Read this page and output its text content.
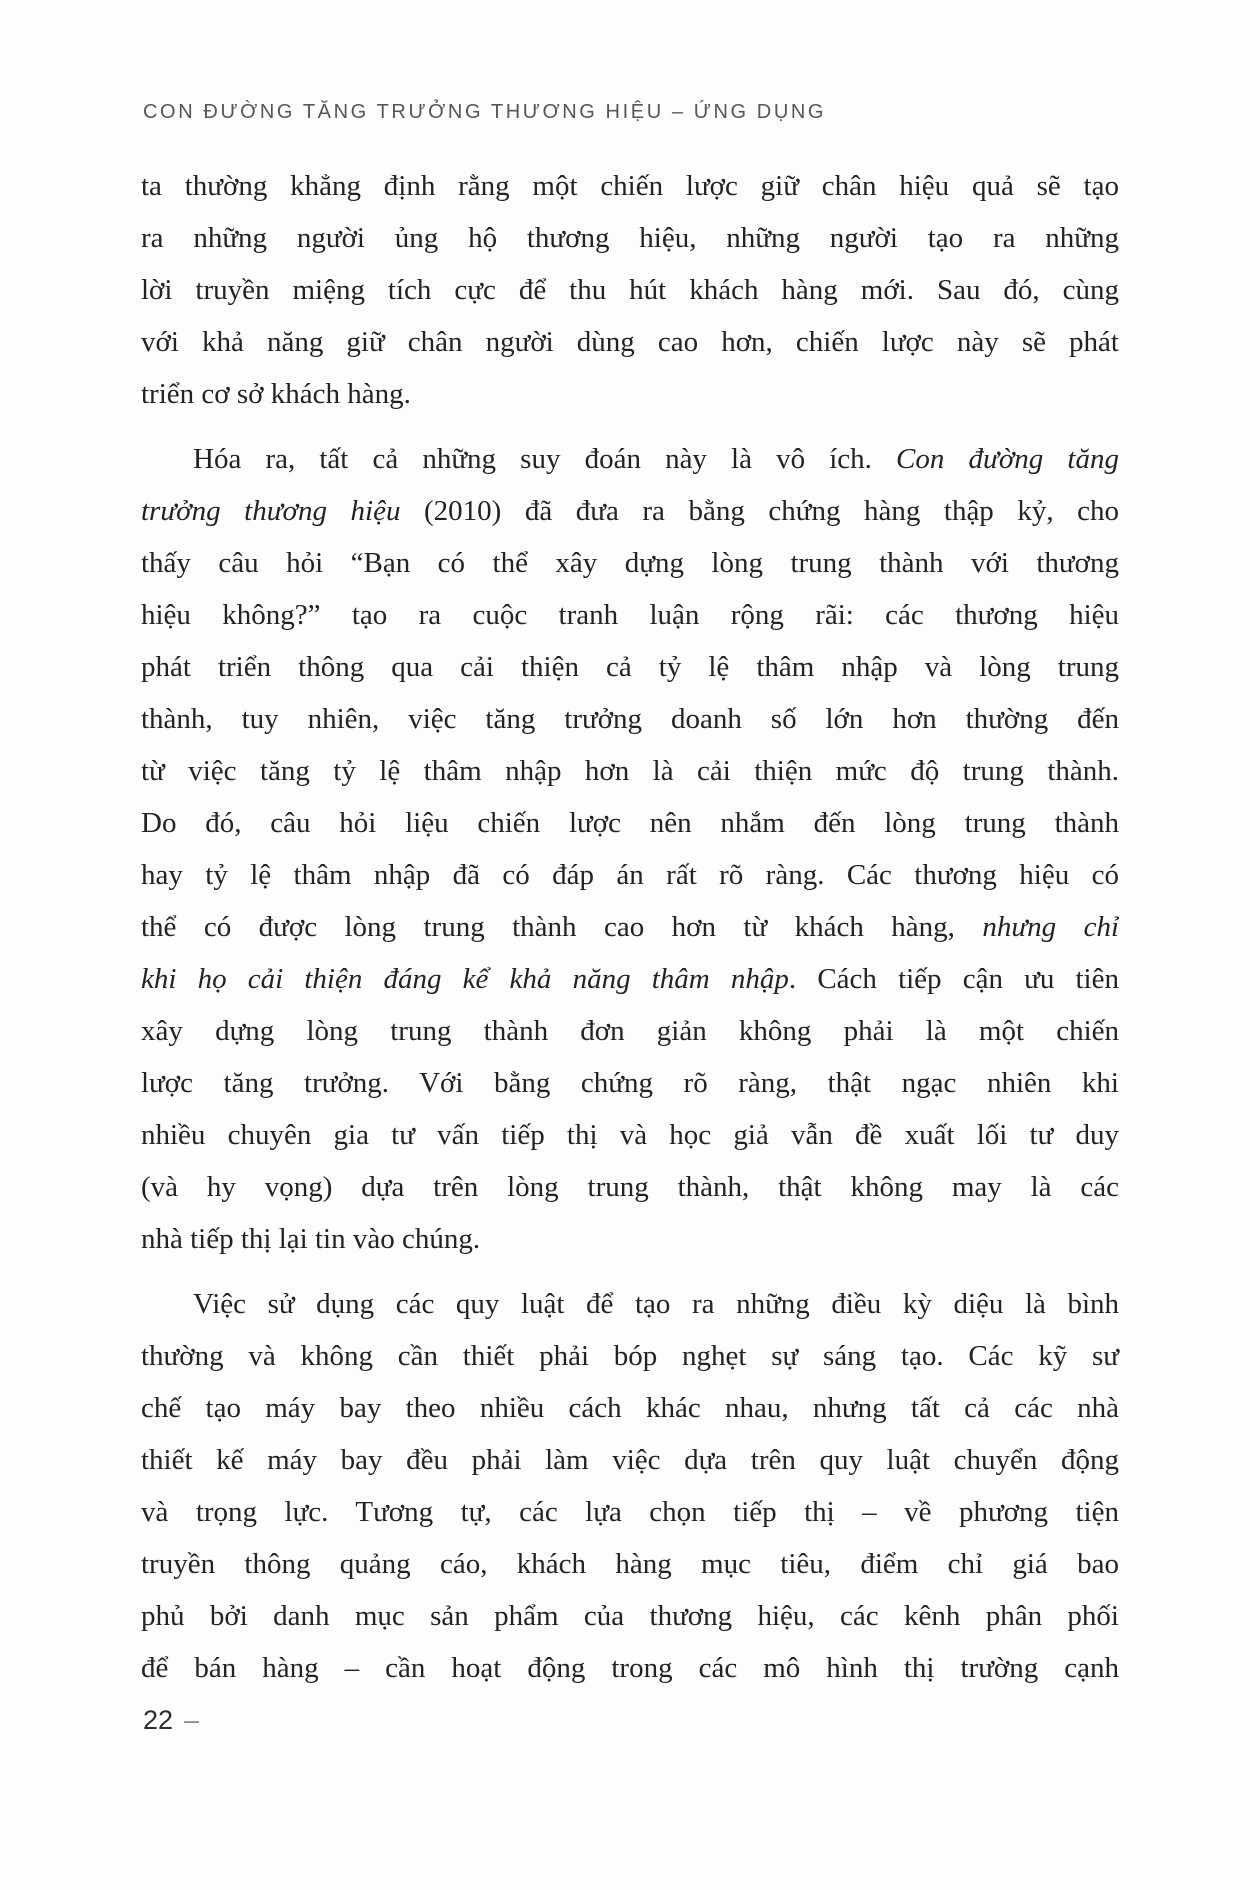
CON ĐƯỜNG TĂNG TRƯỞNG THƯƠNG HIỆU – ỨNG DỤNG
ta thường khẳng định rằng một chiến lược giữ chân hiệu quả sẽ tạo
ra những người ủng hộ thương hiệu, những người tạo ra những
lời truyền miệng tích cực để thu hút khách hàng mới. Sau đó, cùng
với khả năng giữ chân người dùng cao hơn, chiến lược này sẽ phát
triển cơ sở khách hàng.
Hóa ra, tất cả những suy đoán này là vô ích. Con đường tăng
trưởng thương hiệu (2010) đã đưa ra bằng chứng hàng thập kỷ, cho
thấy câu hỏi “Bạn có thể xây dựng lòng trung thành với thương
hiệu không?” tạo ra cuộc tranh luận rộng rãi: các thương hiệu
phát triển thông qua cải thiện cả tỷ lệ thâm nhập và lòng trung
thành, tuy nhiên, việc tăng trưởng doanh số lớn hơn thường đến
từ việc tăng tỷ lệ thâm nhập hơn là cải thiện mức độ trung thành.
Do đó, câu hỏi liệu chiến lược nên nhắm đến lòng trung thành
hay tỷ lệ thâm nhập đã có đáp án rất rõ ràng. Các thương hiệu có
thể có được lòng trung thành cao hơn từ khách hàng, nhưng chỉ
khi họ cải thiện đáng kể khả năng thâm nhập. Cách tiếp cận ưu tiên
xây dựng lòng trung thành đơn giản không phải là một chiến
lược tăng trưởng. Với bằng chứng rõ ràng, thật ngạc nhiên khi
nhiều chuyên gia tư vấn tiếp thị và học giả vẫn đề xuất lối tư duy
(và hy vọng) dựa trên lòng trung thành, thật không may là các
nhà tiếp thị lại tin vào chúng.
Việc sử dụng các quy luật để tạo ra những điều kỳ diệu là bình
thường và không cần thiết phải bóp nghẹt sự sáng tạo. Các kỹ sư
chế tạo máy bay theo nhiều cách khác nhau, nhưng tất cả các nhà
thiết kế máy bay đều phải làm việc dựa trên quy luật chuyển động
và trọng lực. Tương tự, các lựa chọn tiếp thị – về phương tiện
truyền thông quảng cáo, khách hàng mục tiêu, điểm chỉ giá bao
phủ bởi danh mục sản phẩm của thương hiệu, các kênh phân phối
để bán hàng – cần hoạt động trong các mô hình thị trường cạnh
22 –
